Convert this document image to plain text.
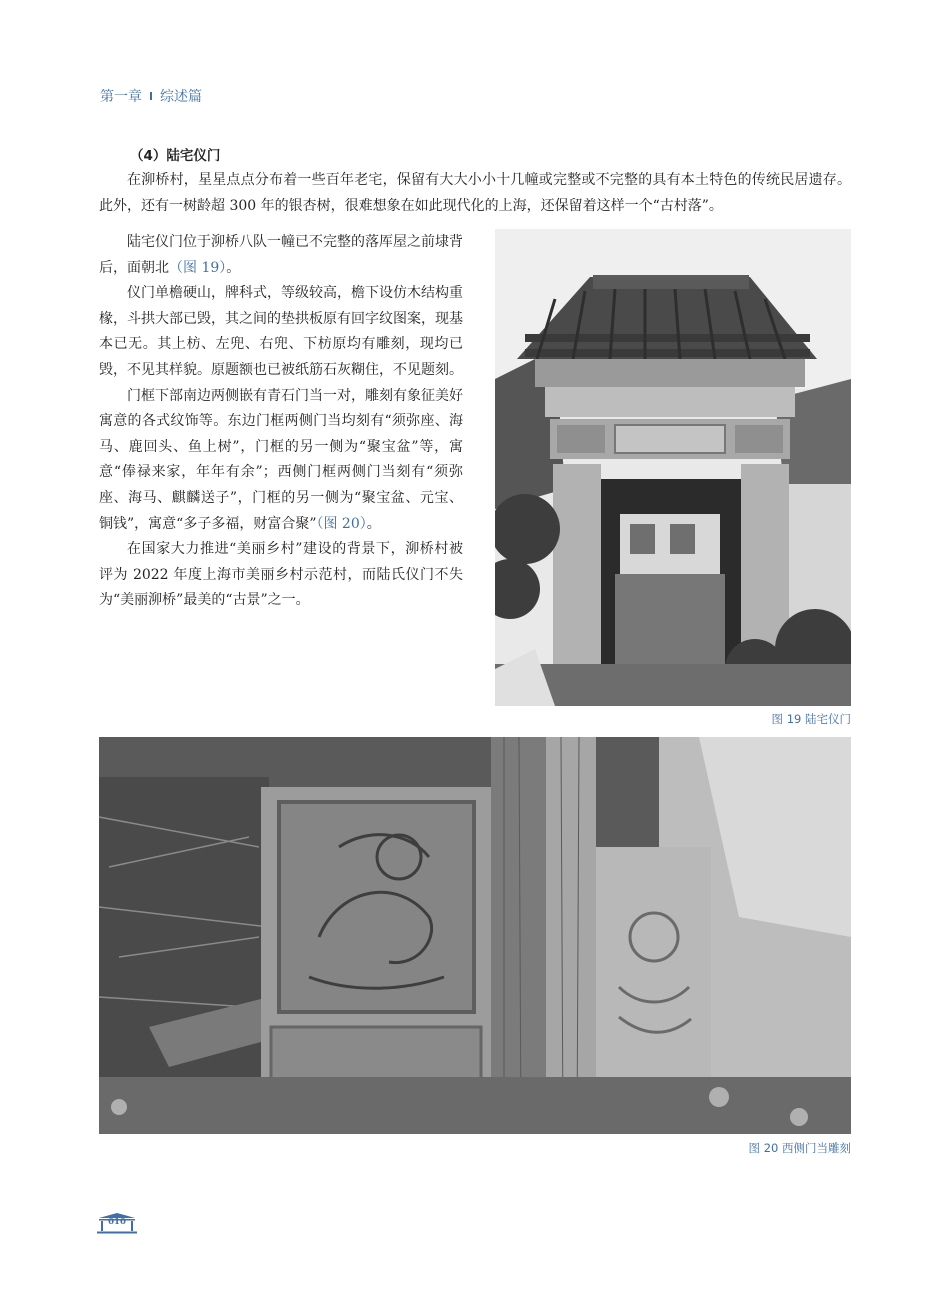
第一章 综述篇
（4）陆宅仪门

在泖桥村，星星点点分布着一些百年老宅，保留有大大小小十几幢或完整或不完整的具有本土特色的传统民居遗存。此外，还有一树龄超 300 年的银杏树，很难想象在如此现代化的上海，还保留着这样一个“古村落”。

陆宅仪门位于泖桥八队一幢已不完整的落厍屋之前埭背后，面朝北（图 19）。

仪门单檐硬山，牌科式，等级较高，檐下设仿木结构重椽，斗拱大部已毁，其之间的垫拱板原有回字纹图案，现基本已无。其上枋、左兜、右兜、下枋原均有雕刻，现均已毁，不见其样貌。原题额也已被纸筋石灰糊住，不见题刻。

门框下部南边两侧嵌有青石门当一对，雕刻有象征美好寓意的各式纹饰等。东边门框两侧门当均刻有“须弥座、海马、鹿回头、鱼上树”，门框的另一侧为“聚宝盆”等，寓意“俸禄来家，年年有余”；西侧门框两侧门当刻有“须弥座、海马、麒麟送子”，门框的另一侧为“聚宝盆、元宝、铜钱”，寓意“多子多福，财富合聚”（图 20）。

在国家大力推进“美丽乡村”建设的背景下，泖桥村被评为 2022 年度上海市美丽乡村示范村，而陆氏仪门不失为“美丽泖桥”最美的“古景”之一。

图 19 陆宅仪门
图 20 西侧门当雕刻
010
